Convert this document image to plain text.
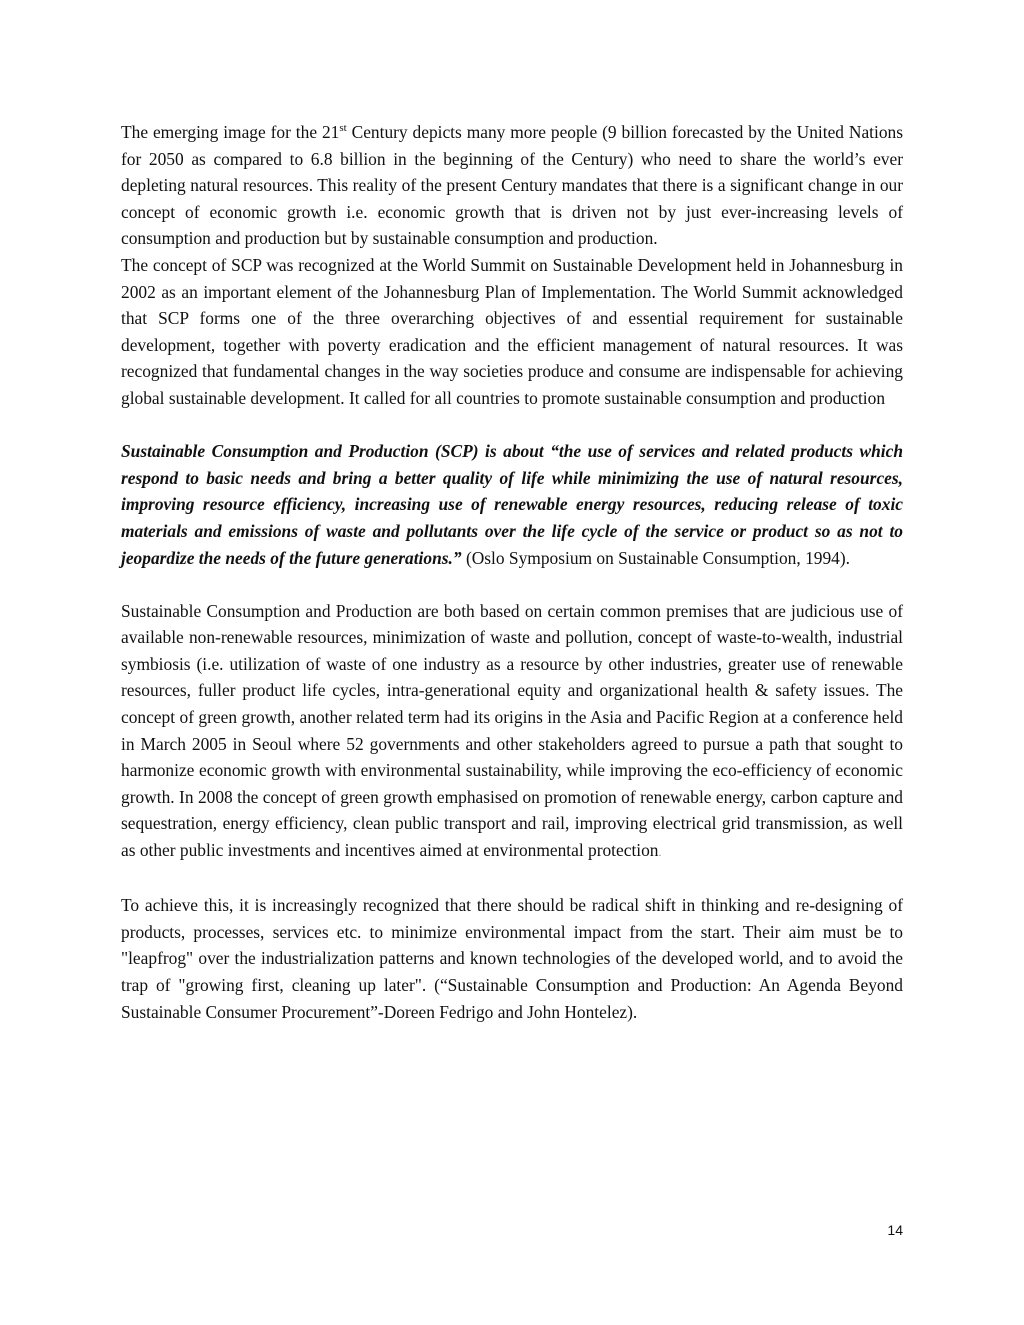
The emerging image for the 21st Century depicts many more people (9 billion forecasted by the United Nations for 2050 as compared to 6.8 billion in the beginning of the Century) who need to share the world’s ever depleting natural resources. This reality of the present Century mandates that there is a significant change in our concept of economic growth i.e. economic growth that is driven not by just ever-increasing levels of consumption and production but by sustainable consumption and production.

The concept of SCP was recognized at the World Summit on Sustainable Development held in Johannesburg in 2002 as an important element of the Johannesburg Plan of Implementation. The World Summit acknowledged that SCP forms one of the three overarching objectives of and essential requirement for sustainable development, together with poverty eradication and the efficient management of natural resources. It was recognized that fundamental changes in the way societies produce and consume are indispensable for achieving global sustainable development. It called for all countries to promote sustainable consumption and production

Sustainable Consumption and Production (SCP) is about “the use of services and related products which respond to basic needs and bring a better quality of life while minimizing the use of natural resources, improving resource efficiency, increasing use of renewable energy resources, reducing release of toxic materials and emissions of waste and pollutants over the life cycle of the service or product so as not to jeopardize the needs of the future generations.” (Oslo Symposium on Sustainable Consumption, 1994).

Sustainable Consumption and Production are both based on certain common premises that are judicious use of available non-renewable resources, minimization of waste and pollution, concept of waste-to-wealth, industrial symbiosis (i.e. utilization of waste of one industry as a resource by other industries, greater use of renewable resources, fuller product life cycles, intra-generational equity and organizational health & safety issues. The concept of green growth, another related term had its origins in the Asia and Pacific Region at a conference held in March 2005 in Seoul where 52 governments and other stakeholders agreed to pursue a path that sought to harmonize economic growth with environmental sustainability, while improving the eco-efficiency of economic growth. In 2008 the concept of green growth emphasised on promotion of renewable energy, carbon capture and sequestration, energy efficiency, clean public transport and rail, improving electrical grid transmission, as well as other public investments and incentives aimed at environmental protection.

To achieve this, it is increasingly recognized that there should be radical shift in thinking and re-designing of products, processes, services etc. to minimize environmental impact from the start. Their aim must be to "leapfrog" over the industrialization patterns and known technologies of the developed world, and to avoid the trap of "growing first, cleaning up later". (“Sustainable Consumption and Production: An Agenda Beyond Sustainable Consumer Procurement”-Doreen Fedrigo and John Hontelez).

14
